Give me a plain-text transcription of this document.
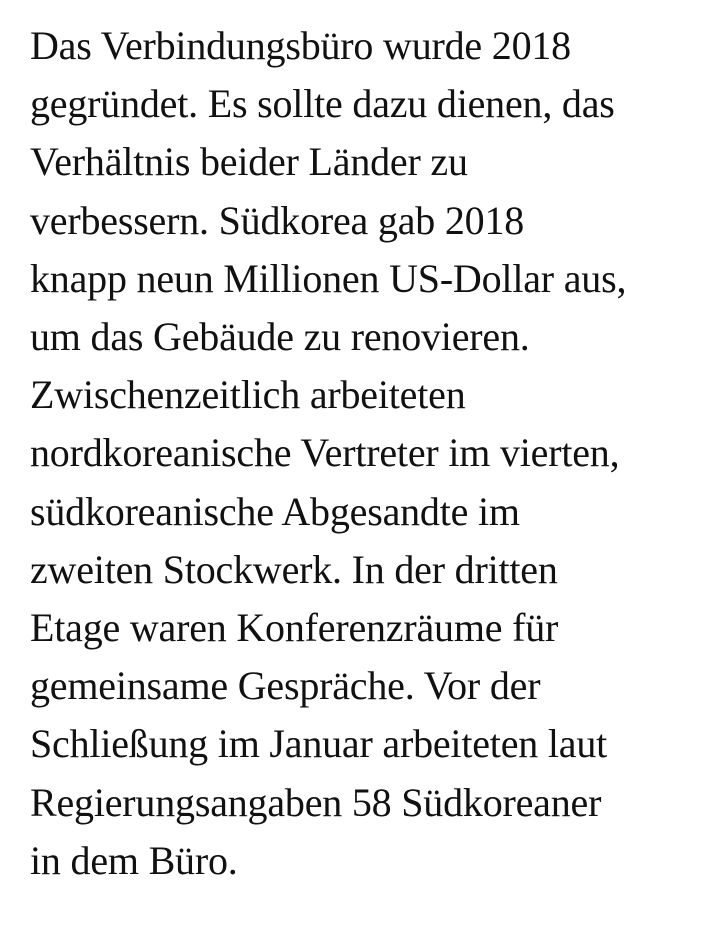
Das Verbindungsbüro wurde 2018
gegründet. Es sollte dazu dienen, das
Verhältnis beider Länder zu
verbessern. Südkorea gab 2018
knapp neun Millionen US-Dollar aus,
um das Gebäude zu renovieren.
Zwischenzeitlich arbeiteten
nordkoreanische Vertreter im vierten,
südkoreanische Abgesandte im
zweiten Stockwerk. In der dritten
Etage waren Konferenzräume für
gemeinsame Gespräche. Vor der
Schließung im Januar arbeiteten laut
Regierungsangaben 58 Südkoreaner
in dem Büro.
